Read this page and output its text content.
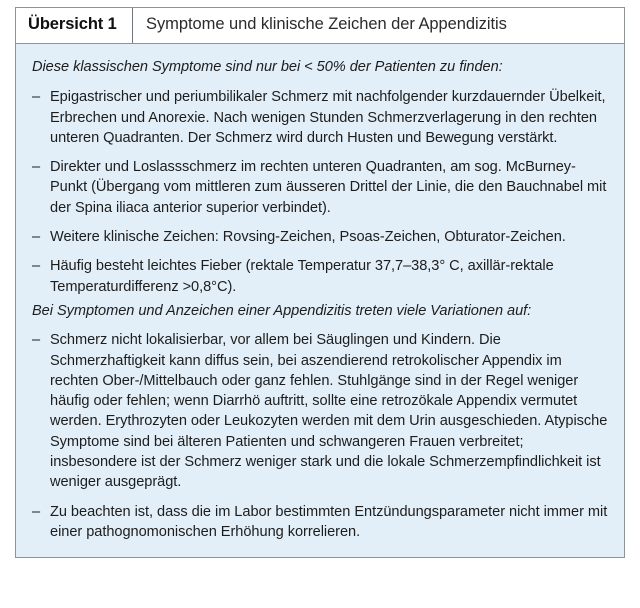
Übersicht 1	Symptome und klinische Zeichen der Appendizitis

Diese klassischen Symptome sind nur bei < 50% der Patienten zu finden:

– Epigastrischer und periumbilikaler Schmerz mit nachfolgender kurzdauernder Übelkeit, Erbrechen und Anorexie. Nach wenigen Stunden Schmerzverlagerung in den rechten unteren Quadranten. Der Schmerz wird durch Husten und Bewegung verstärkt.
– Direkter und Loslassschmerz im rechten unteren Quadranten, am sog. McBurney-Punkt (Übergang vom mittleren zum äusseren Drittel der Linie, die den Bauchnabel mit der Spina iliaca anterior superior verbindet).
– Weitere klinische Zeichen: Rovsing-Zeichen, Psoas-Zeichen, Obturator-Zeichen.
– Häufig besteht leichtes Fieber (rektale Temperatur 37,7–38,3° C, axillär-rektale Temperaturdifferenz >0,8°C).

Bei Symptomen und Anzeichen einer Appendizitis treten viele Variationen auf:

– Schmerz nicht lokalisierbar, vor allem bei Säuglingen und Kindern. Die Schmerzhaftigkeit kann diffus sein, bei aszendierend retrokolischer Appendix im rechten Ober-/Mittelbauch oder ganz fehlen. Stuhlgänge sind in der Regel weniger häufig oder fehlen; wenn Diarrhö auftritt, sollte eine retrozökale Appendix vermutet werden. Erythrozyten oder Leukozyten werden mit dem Urin ausgeschieden. Atypische Symptome sind bei älteren Patienten und schwangeren Frauen verbreitet; insbesondere ist der Schmerz weniger stark und die lokale Schmerzempfindlichkeit ist weniger ausgeprägt.
– Zu beachten ist, dass die im Labor bestimmten Entzündungsparameter nicht immer mit einer pathognomonischen Erhöhung korrelieren.
